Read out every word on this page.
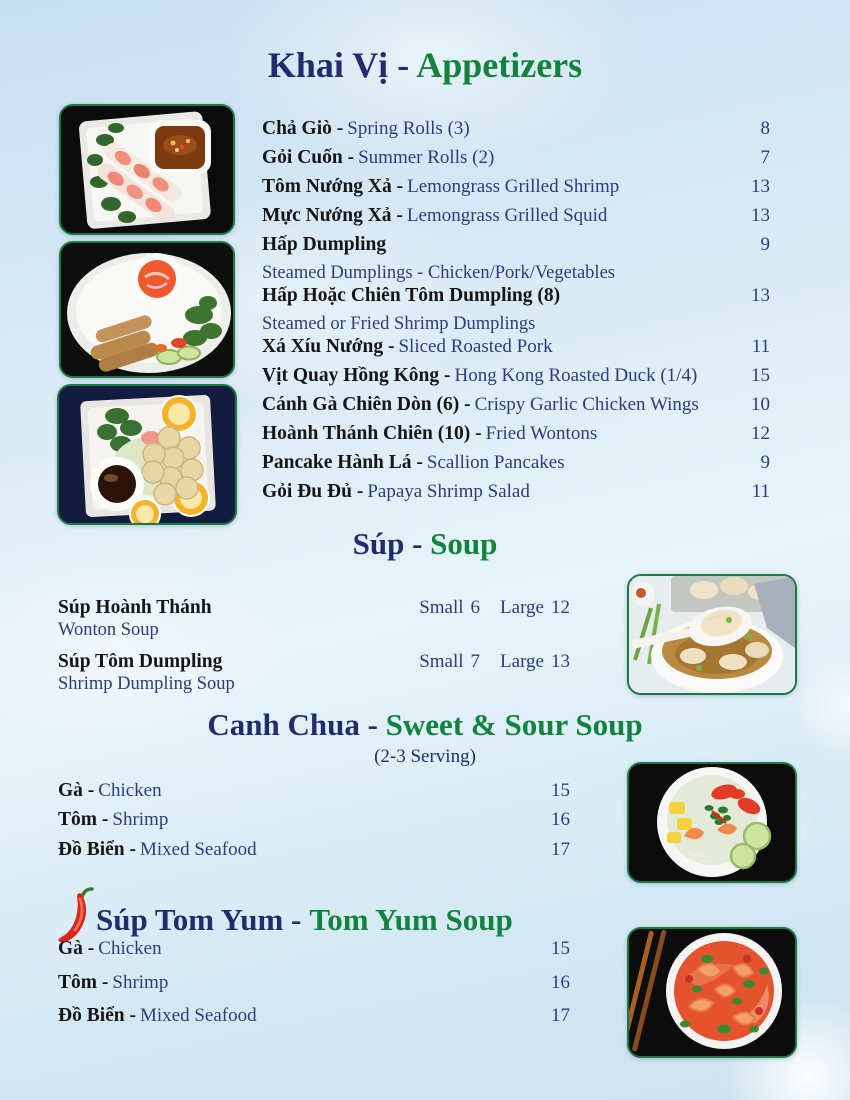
Khai Vị - Appetizers
Chả Giò - Spring Rolls (3)	8
Gỏi Cuốn - Summer Rolls (2)	7
Tôm Nướng Xả - Lemongrass Grilled Shrimp	13
Mực Nướng Xả - Lemongrass Grilled Squid	13
Hấp Dumpling	9
Steamed Dumplings - Chicken/Pork/Vegetables
Hấp Hoặc Chiên Tôm Dumpling (8)	13
Steamed or Fried Shrimp Dumplings
Xá Xíu Nướng - Sliced Roasted Pork	11
Vịt Quay Hồng Kông - Hong Kong Roasted Duck (1/4)	15
Cánh Gà Chiên Dòn (6) - Crispy Garlic Chicken Wings	10
Hoành Thánh Chiên (10) - Fried Wontons	12
Pancake Hành Lá - Scallion Pancakes	9
Gỏi Đu Đủ - Papaya Shrimp Salad	11
Súp - Soup
Súp Hoành Thánh	Small 6 Large 12
Wonton Soup
Súp Tôm Dumpling	Small 7 Large 13
Shrimp Dumpling Soup
Canh Chua - Sweet & Sour Soup
(2-3 Serving)
Gà - Chicken	15
Tôm - Shrimp	16
Đồ Biển - Mixed Seafood	17
Súp Tom Yum - Tom Yum Soup
Gà - Chicken	15
Tôm - Shrimp	16
Đồ Biển - Mixed Seafood	17
